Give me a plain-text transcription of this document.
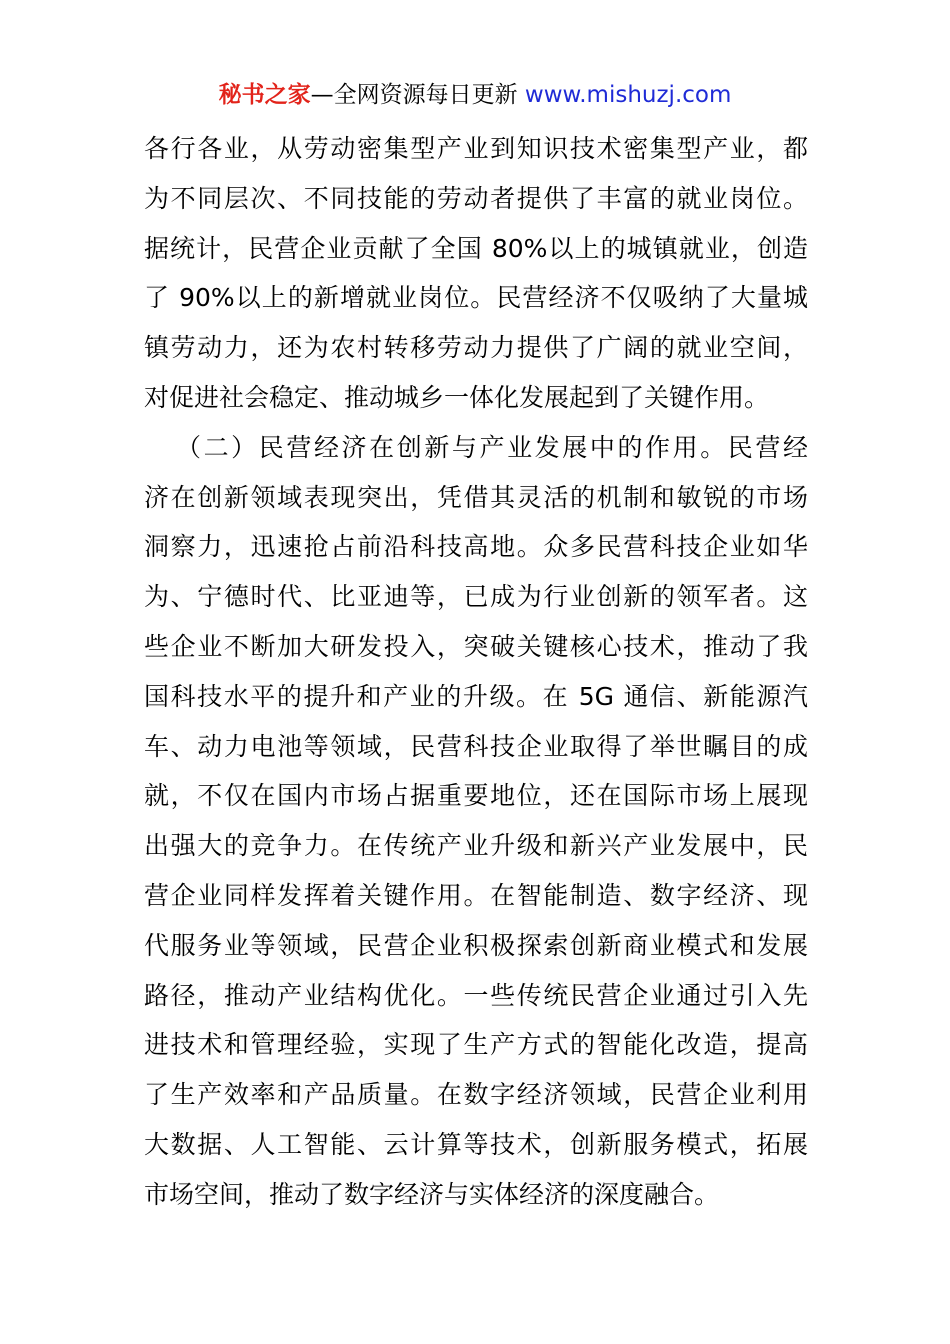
秘书之家—全网资源每日更新 www.mishuzj.com
各行各业，从劳动密集型产业到知识技术密集型产业，都
为不同层次、不同技能的劳动者提供了丰富的就业岗位。
据统计，民营企业贡献了全国 80%以上的城镇就业，创造
了 90%以上的新增就业岗位。民营经济不仅吸纳了大量城
镇劳动力，还为农村转移劳动力提供了广阔的就业空间，
对促进社会稳定、推动城乡一体化发展起到了关键作用。
（二）民营经济在创新与产业发展中的作用。民营经
济在创新领域表现突出，凭借其灵活的机制和敏锐的市场
洞察力，迅速抢占前沿科技高地。众多民营科技企业如华
为、宁德时代、比亚迪等，已成为行业创新的领军者。这
些企业不断加大研发投入，突破关键核心技术，推动了我
国科技水平的提升和产业的升级。在 5G 通信、新能源汽
车、动力电池等领域，民营科技企业取得了举世瞩目的成
就，不仅在国内市场占据重要地位，还在国际市场上展现
出强大的竞争力。在传统产业升级和新兴产业发展中，民
营企业同样发挥着关键作用。在智能制造、数字经济、现
代服务业等领域，民营企业积极探索创新商业模式和发展
路径，推动产业结构优化。一些传统民营企业通过引入先
进技术和管理经验，实现了生产方式的智能化改造，提高
了生产效率和产品质量。在数字经济领域，民营企业利用
大数据、人工智能、云计算等技术，创新服务模式，拓展
市场空间，推动了数字经济与实体经济的深度融合。
